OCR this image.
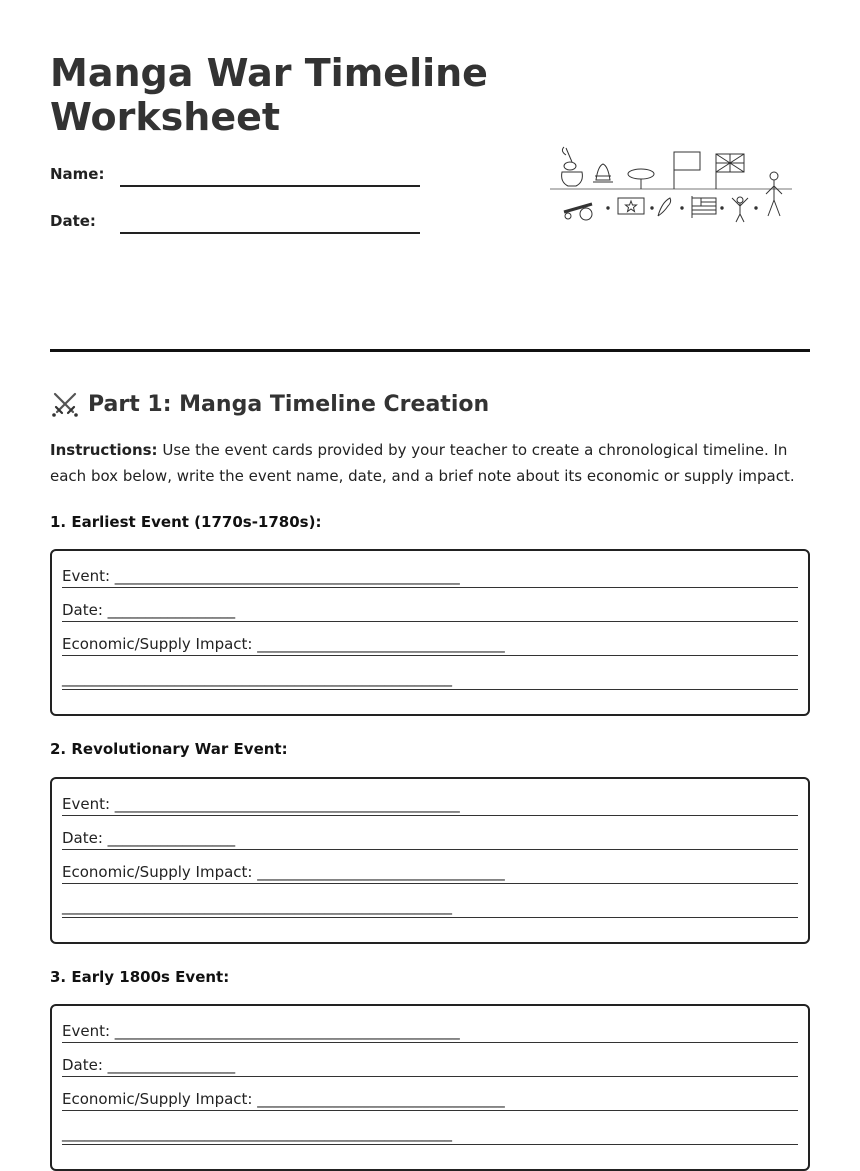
Manga War Timeline Worksheet
Name:
Date:
Part 1: Manga Timeline Creation

Instructions: Use the event cards provided by your teacher to create a chronological timeline. In each box below, write the event name, date, and a brief note about its economic or supply impact.

1. Earliest Event (1770s-1780s):
Event: ______________________________________________
Date: _________________
Economic/Supply Impact: _________________________________
____________________________________________________
2. Revolutionary War Event:
Event: ______________________________________________
Date: _________________
Economic/Supply Impact: _________________________________
____________________________________________________
3. Early 1800s Event:
Event: ______________________________________________
Date: _________________
Economic/Supply Impact: _________________________________
____________________________________________________
